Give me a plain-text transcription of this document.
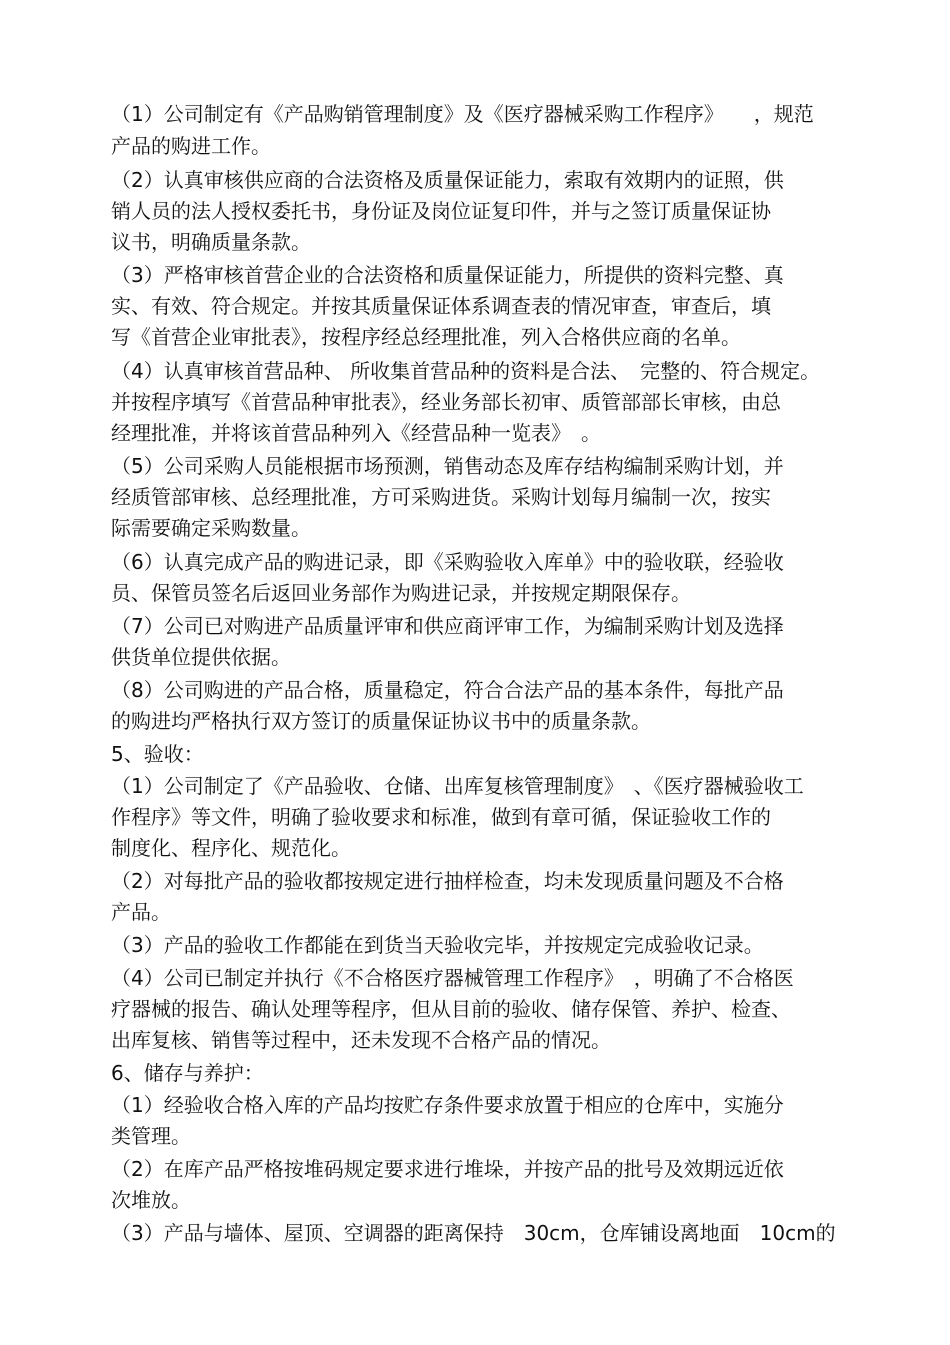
（1）公司制定有《产品购销管理制度》及《医疗器械采购工作程序》　　，规范
产品的购进工作。
（2）认真审核供应商的合法资格及质量保证能力，索取有效期内的证照，供
销人员的法人授权委托书，身份证及岗位证复印件，并与之签订质量保证协
议书，明确质量条款。
（3）严格审核首营企业的合法资格和质量保证能力，所提供的资料完整、真
实、有效、符合规定。并按其质量保证体系调查表的情况审查，审查后，填
写《首营企业审批表》，按程序经总经理批准，列入合格供应商的名单。
（4）认真审核首营品种、 所收集首营品种的资料是合法、　完整的、符合规定。
并按程序填写《首营品种审批表》，经业务部长初审、质管部部长审核，由总
经理批准，并将该首营品种列入《经营品种一览表》　。
（5）公司采购人员能根据市场预测，销售动态及库存结构编制采购计划，并
经质管部审核、总经理批准，方可采购进货。采购计划每月编制一次，按实
际需要确定采购数量。
（6）认真完成产品的购进记录，即《采购验收入库单》中的验收联，经验收
员、保管员签名后返回业务部作为购进记录，并按规定期限保存。
（7）公司已对购进产品质量评审和供应商评审工作，为编制采购计划及选择
供货单位提供依据。
（8）公司购进的产品合格，质量稳定，符合合法产品的基本条件，每批产品
的购进均严格执行双方签订的质量保证协议书中的质量条款。
5、验收：
（1）公司制定了《产品验收、仓储、出库复核管理制度》　、《医疗器械验收工
作程序》等文件，明确了验收要求和标准，做到有章可循，保证验收工作的
制度化、程序化、规范化。
（2）对每批产品的验收都按规定进行抽样检查，均未发现质量问题及不合格
产品。
（3）产品的验收工作都能在到货当天验收完毕，并按规定完成验收记录。
（4）公司已制定并执行《不合格医疗器械管理工作程序》　，明确了不合格医
疗器械的报告、确认处理等程序，但从目前的验收、储存保管、养护、检查、
出库复核、销售等过程中，还未发现不合格产品的情况。
6、储存与养护：
（1）经验收合格入库的产品均按贮存条件要求放置于相应的仓库中，实施分
类管理。
（2）在库产品严格按堆码规定要求进行堆垛，并按产品的批号及效期远近依
次堆放。
（3）产品与墙体、屋顶、空调器的距离保持　30cm，仓库铺设离地面　10cm的
